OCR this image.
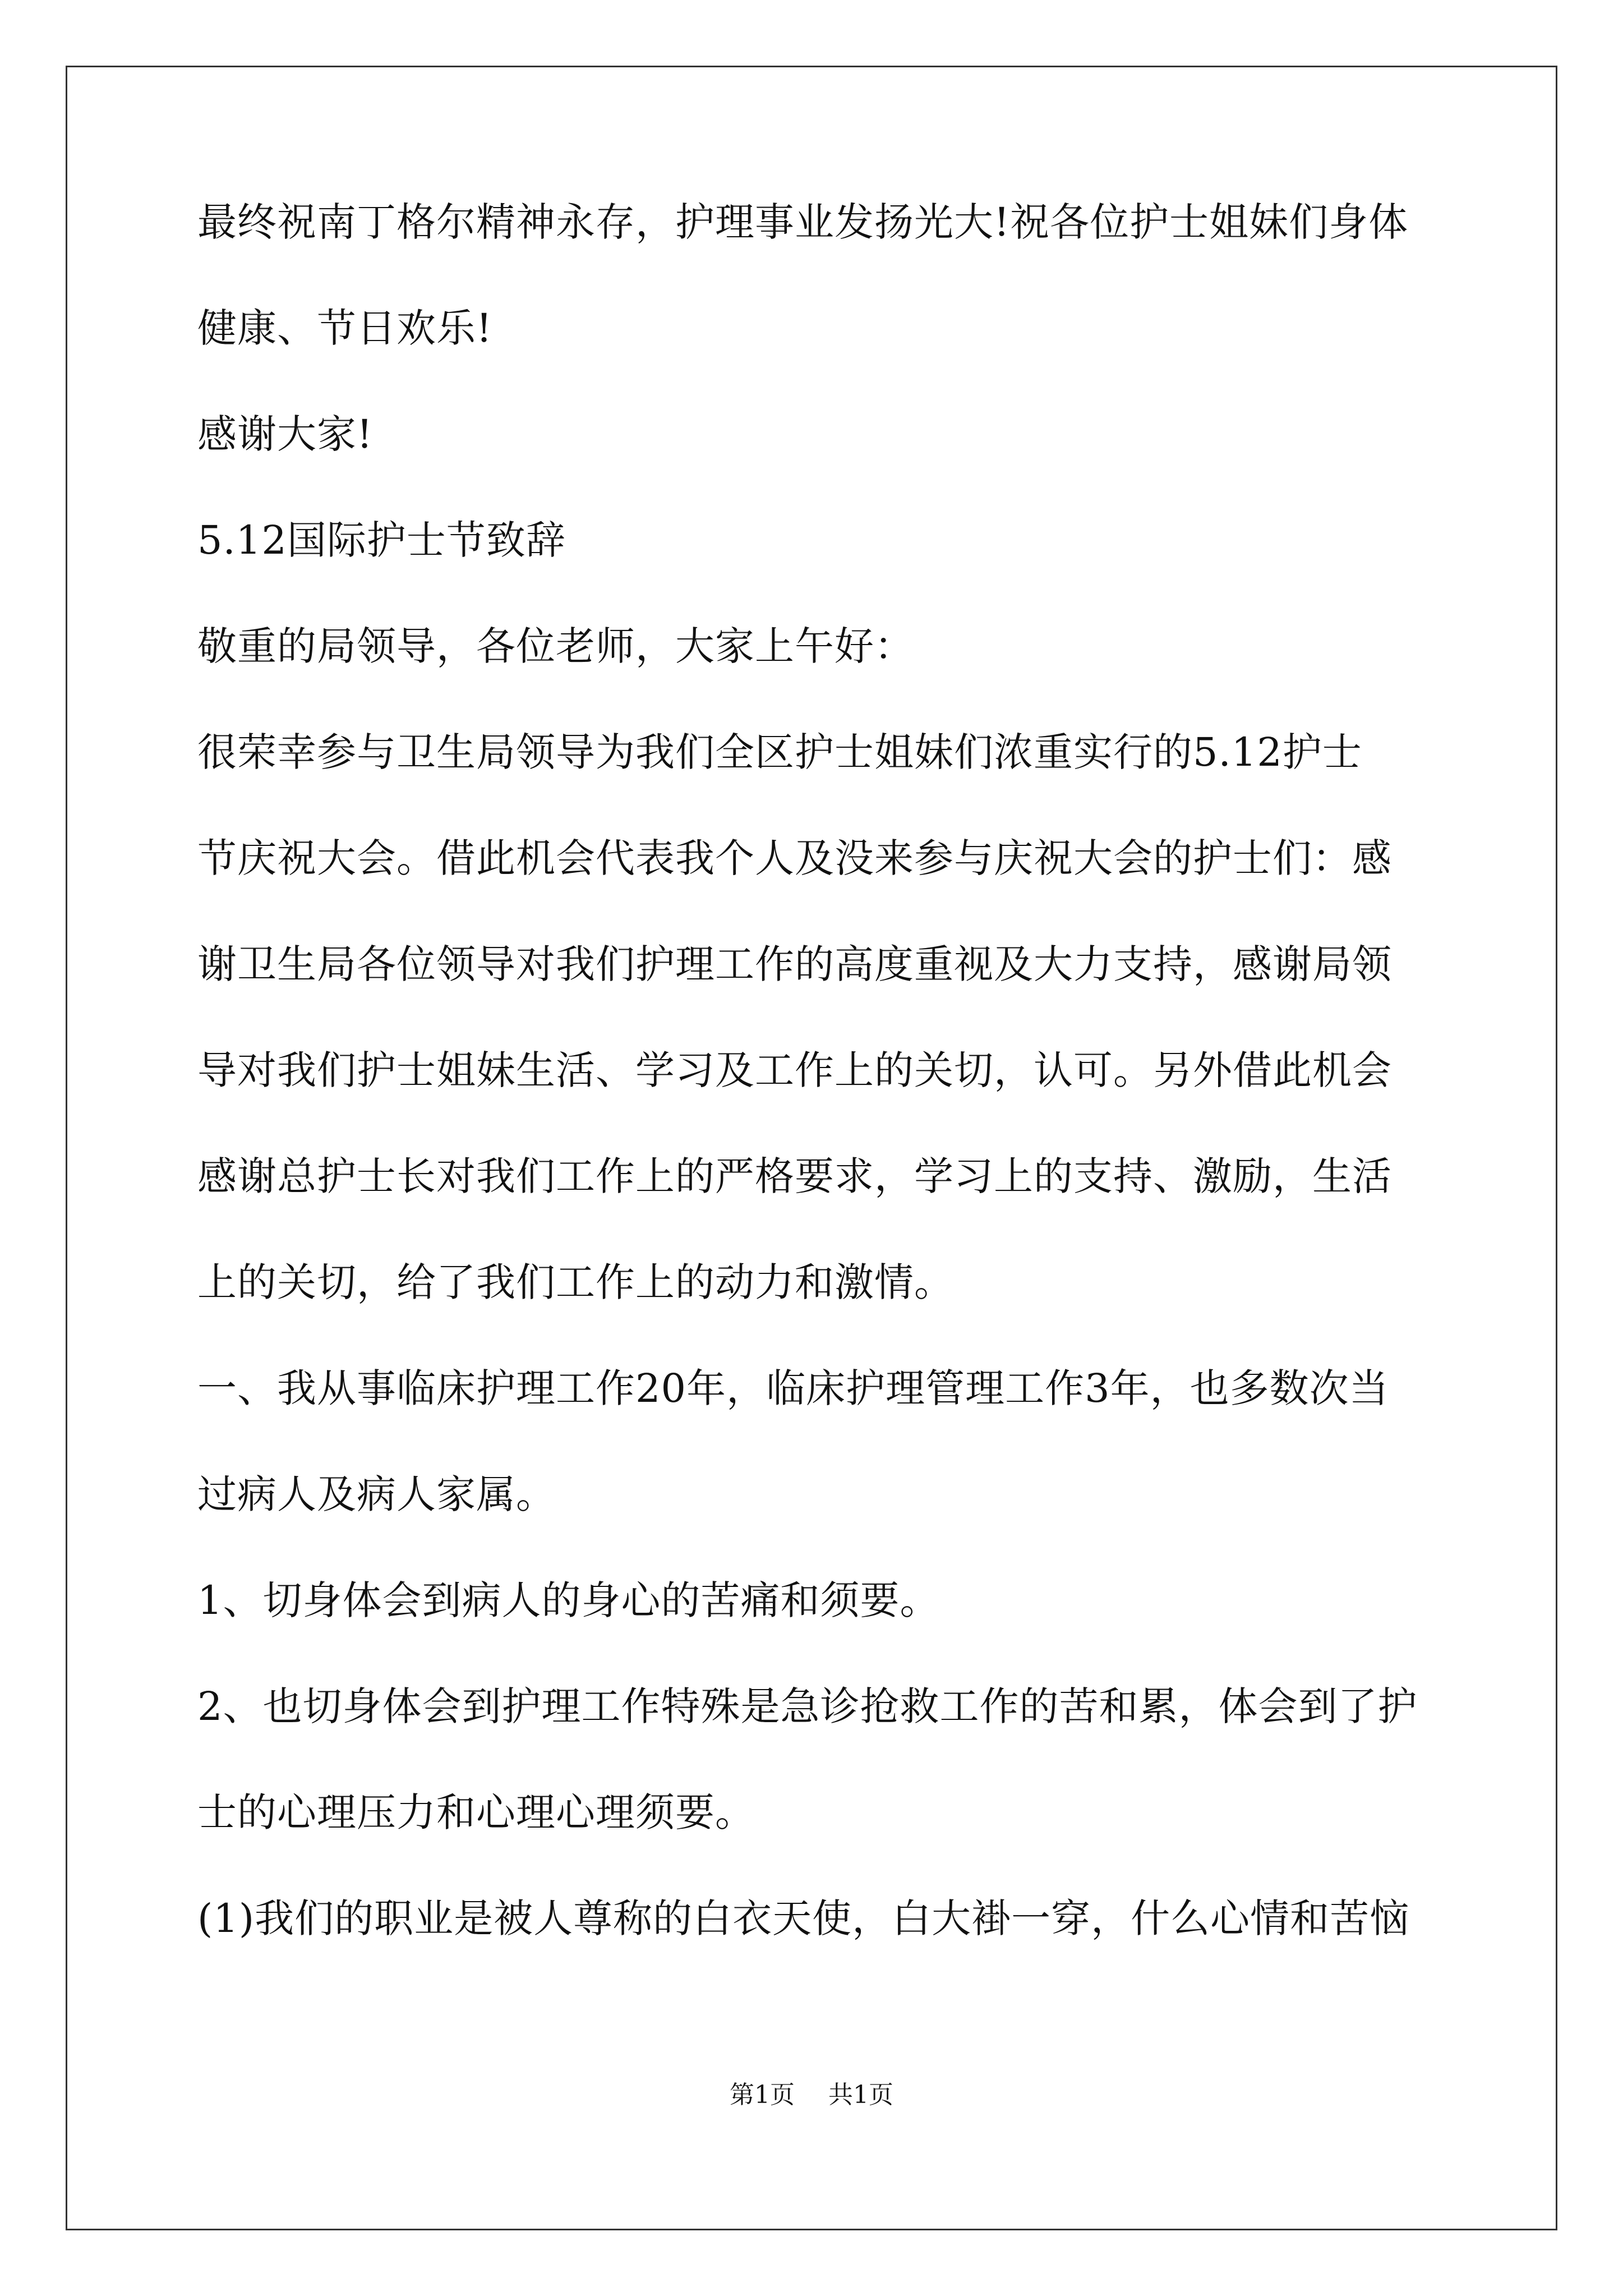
最终祝南丁格尔精神永存，护理事业发扬光大!祝各位护士姐妹们身体
健康、节日欢乐!
感谢大家!
5.12国际护士节致辞
敬重的局领导，各位老师，大家上午好：
很荣幸参与卫生局领导为我们全区护士姐妹们浓重实行的5.12护士
节庆祝大会。借此机会代表我个人及没来参与庆祝大会的护士们：感
谢卫生局各位领导对我们护理工作的高度重视及大力支持，感谢局领
导对我们护士姐妹生活、学习及工作上的关切，认可。另外借此机会
感谢总护士长对我们工作上的严格要求，学习上的支持、激励，生活
上的关切，给了我们工作上的动力和激情。
一、我从事临床护理工作20年，临床护理管理工作3年，也多数次当
过病人及病人家属。
1、切身体会到病人的身心的苦痛和须要。
2、也切身体会到护理工作特殊是急诊抢救工作的苦和累，体会到了护
士的心理压力和心理心理须要。
(1)我们的职业是被人尊称的白衣天使，白大褂一穿，什么心情和苦恼
第1页 共1页
